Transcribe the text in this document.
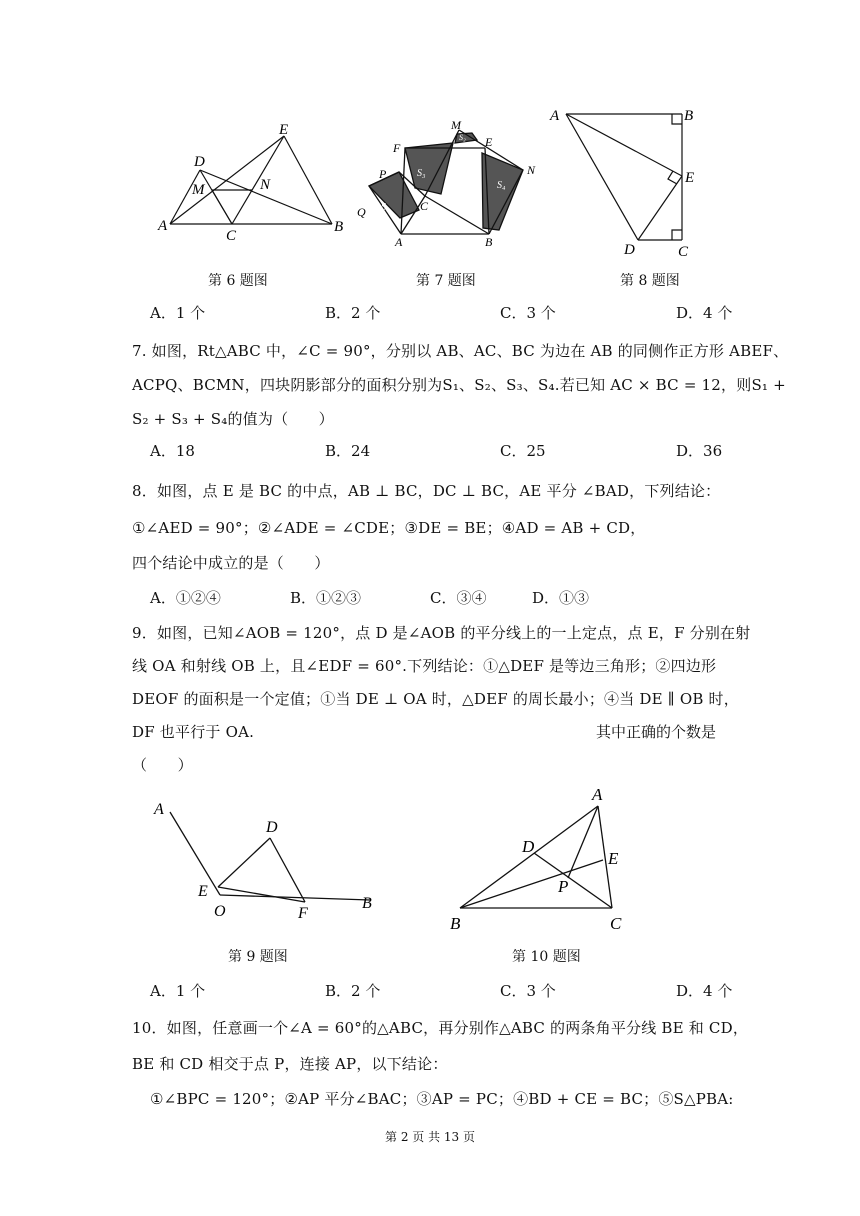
A	B
C
D
E
M	N
第 6 题图
M
E
F
N
P
Q
A	B
C
S₁
S₃
S₂
S₄
第 7 题图
A	B
E
D	C
第 8 题图
A．1 个	B．2 个	C．3 个	D．4 个
7. 如图，Rt△ABC 中，∠C = 90°，分别以 AB、AC、BC 为边在 AB 的同侧作正方形 ABEF、
ACPQ、BCMN，四块阴影部分的面积分别为S₁、S₂、S₃、S₄.若已知 AC × BC = 12，则S₁ +
S₂ + S₃ + S₄的值为（　　）
A．18	B．24	C．25	D．36
8．如图，点 E 是 BC 的中点，AB ⊥ BC，DC ⊥ BC，AE 平分 ∠BAD，下列结论：
①∠AED = 90°；②∠ADE = ∠CDE；③DE = BE；④AD = AB + CD，
四个结论中成立的是（　　）
A．①②④	B．①②③	C．③④	D．①③
9．如图，已知∠AOB = 120°，点 D 是∠AOB 的平分线上的一上定点，点 E，F 分别在射
线 OA 和射线 OB 上，且∠EDF = 60°.下列结论：①△DEF 是等边三角形；②四边形
DEOF 的面积是一个定值；①当 DE ⊥ OA 时，△DEF 的周长最小；④当 DE ∥ OB 时，
DF 也平行于 OA.	其中正确的个数是
（　　）
A
B
D
E
F
O
第 9 题图
A
B	C
D
E
P
第 10 题图
A．1 个	B．2 个	C．3 个	D．4 个
10．如图，任意画一个∠A = 60°的△ABC，再分别作△ABC 的两条角平分线 BE 和 CD，
BE 和 CD 相交于点 P，连接 AP，以下结论：
①∠BPC = 120°；②AP 平分∠BAC；③AP = PC；④BD + CE = BC；⑤S△PBA:
第 2 页 共 13 页
